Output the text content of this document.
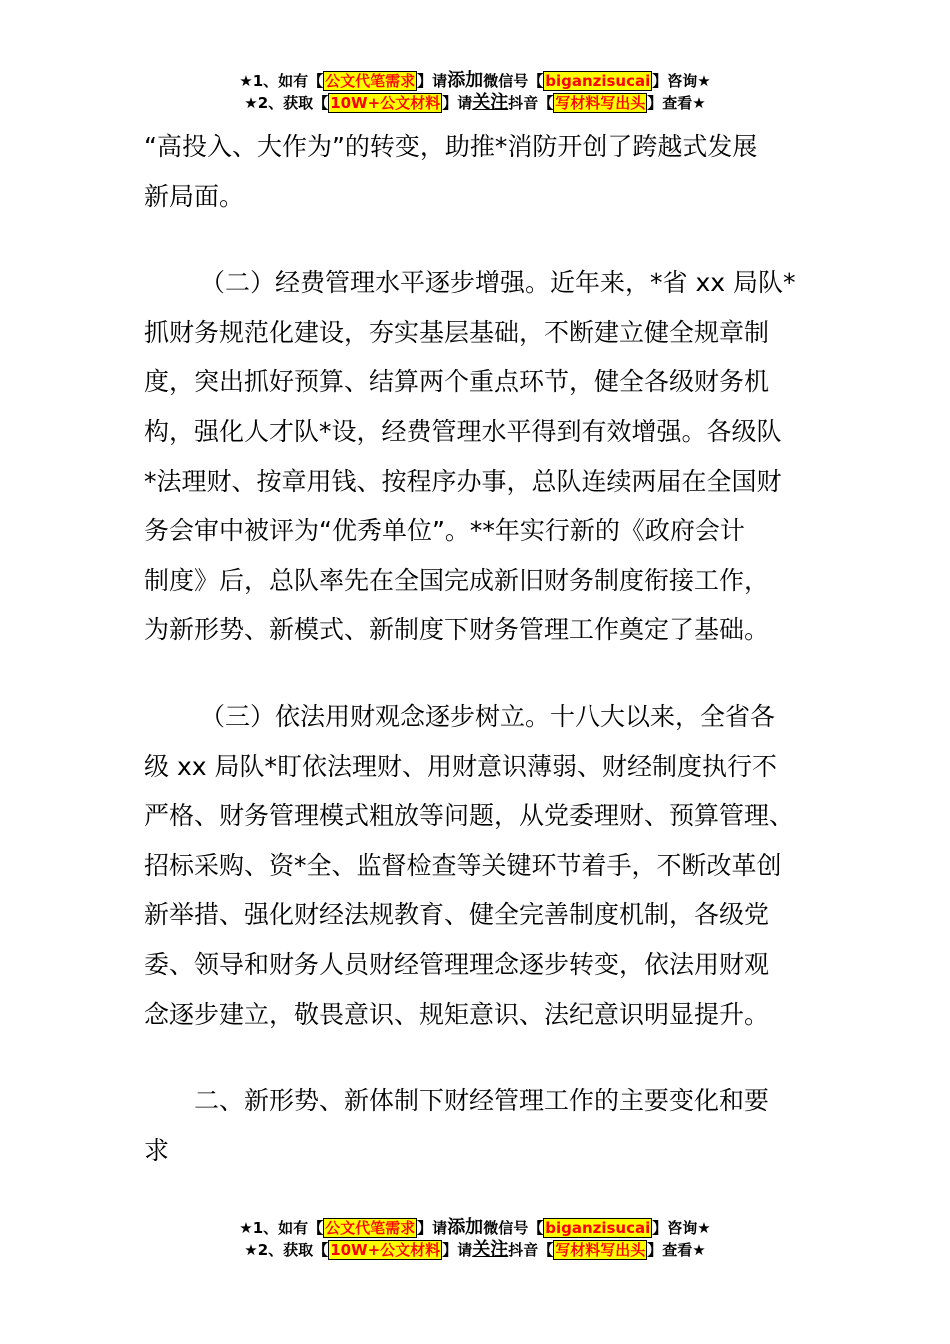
★1、如有【 公文代笔需求 】请添加微信号【 biganzisucai 】咨询★
★2、获取【 10W+公文材料 】请关注抖音【 写材料写出头 】查看★

“高投入、大作为”的转变，助推*消防开创了跨越式发展

新局面。

（二）经费管理水平逐步增强。近年来，*省 xx 局队*

抓财务规范化建设，夯实基层基础，不断建立健全规章制

度，突出抓好预算、结算两个重点环节，健全各级财务机

构，强化人才队*设，经费管理水平得到有效增强。各级队

*法理财、按章用钱、按程序办事，总队连续两届在全国财

务会审中被评为“优秀单位”。**年实行新的《政府会计

制度》后，总队率先在全国完成新旧财务制度衔接工作，

为新形势、新模式、新制度下财务管理工作奠定了基础。

（三）依法用财观念逐步树立。十八大以来，全省各

级 xx 局队*盯依法理财、用财意识薄弱、财经制度执行不

严格、财务管理模式粗放等问题，从党委理财、预算管理、

招标采购、资*全、监督检查等关键环节着手，不断改革创

新举措、强化财经法规教育、健全完善制度机制，各级党

委、领导和财务人员财经管理理念逐步转变，依法用财观

念逐步建立，敬畏意识、规矩意识、法纪意识明显提升。

二、新形势、新体制下财经管理工作的主要变化和要

求

★1、如有【 公文代笔需求 】请添加微信号【 biganzisucai 】咨询★
★2、获取【 10W+公文材料 】请关注抖音【 写材料写出头 】查看★
